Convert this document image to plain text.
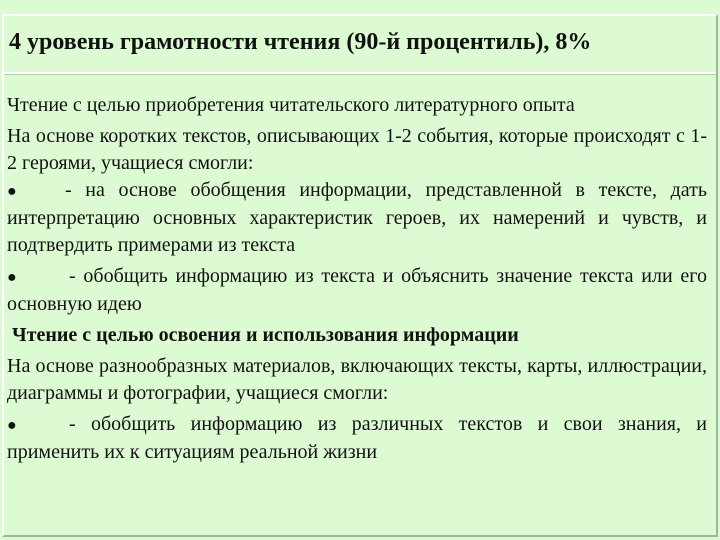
4 уровень грамотности чтения (90-й процентиль), 8%

Чтение с целью приобретения читательского литературного опыта

На основе коротких текстов, описывающих 1-2 события, которые происходят с 1-2 героями, учащиеся смогли:

● - на основе обобщения информации, представленной в тексте, дать интерпретацию основных характеристик героев, их намерений и чувств, и подтвердить примерами из текста

●	- обобщить информацию из текста и объяснить значение текста или его основную идею

Чтение с целью освоения и использования информации

На основе разнообразных материалов, включающих тексты, карты, иллюстрации, диаграммы и фотографии, учащиеся смогли:

●	- обобщить информацию из различных текстов и свои знания, и применить их к ситуациям реальной жизни
